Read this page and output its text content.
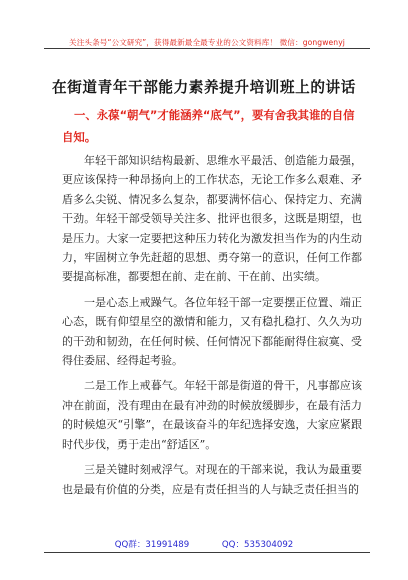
关注头条号“公文研究”，获得最新最全最专业的公文资料库！ 微信：gongwenyj
在街道青年干部能力素养提升培训班上的讲话
一、永葆“朝气”才能涵养“底气”，要有舍我其谁的自信自知。

年轻干部知识结构最新、思维水平最活、创造能力最强，更应该保持一种昂扬向上的工作状态，无论工作多么艰难、矛盾多么尖锐、情况多么复杂，都要满怀信心、保持定力、充满干劲。年轻干部受领导关注多、批评也很多，这既是期望，也是压力。大家一定要把这种压力转化为激发担当作为的内生动力，牢固树立争先赶超的思想、勇夺第一的意识，任何工作都要提高标准，都要想在前、走在前、干在前、出实绩。

一是心态上戒躁气。各位年轻干部一定要摆正位置、端正心态，既有仰望星空的激情和能力，又有稳扎稳打、久久为功的干劲和韧劲，在任何时候、任何情况下都能耐得住寂寞、受得住委屈、经得起考验。

二是工作上戒暮气。年轻干部是街道的骨干，凡事都应该冲在前面，没有理由在最有冲劲的时候放缓脚步，在最有活力的时候熄灭“引擎”，在最该奋斗的年纪选择安逸，大家应紧跟时代步伐，勇于走出“舒适区”。

三是关键时刻戒浮气。对现在的干部来说，我认为最重要也是最有价值的分类，应是有责任担当的人与缺乏责任担当的

QQ群：31991489	QQ：535304092
